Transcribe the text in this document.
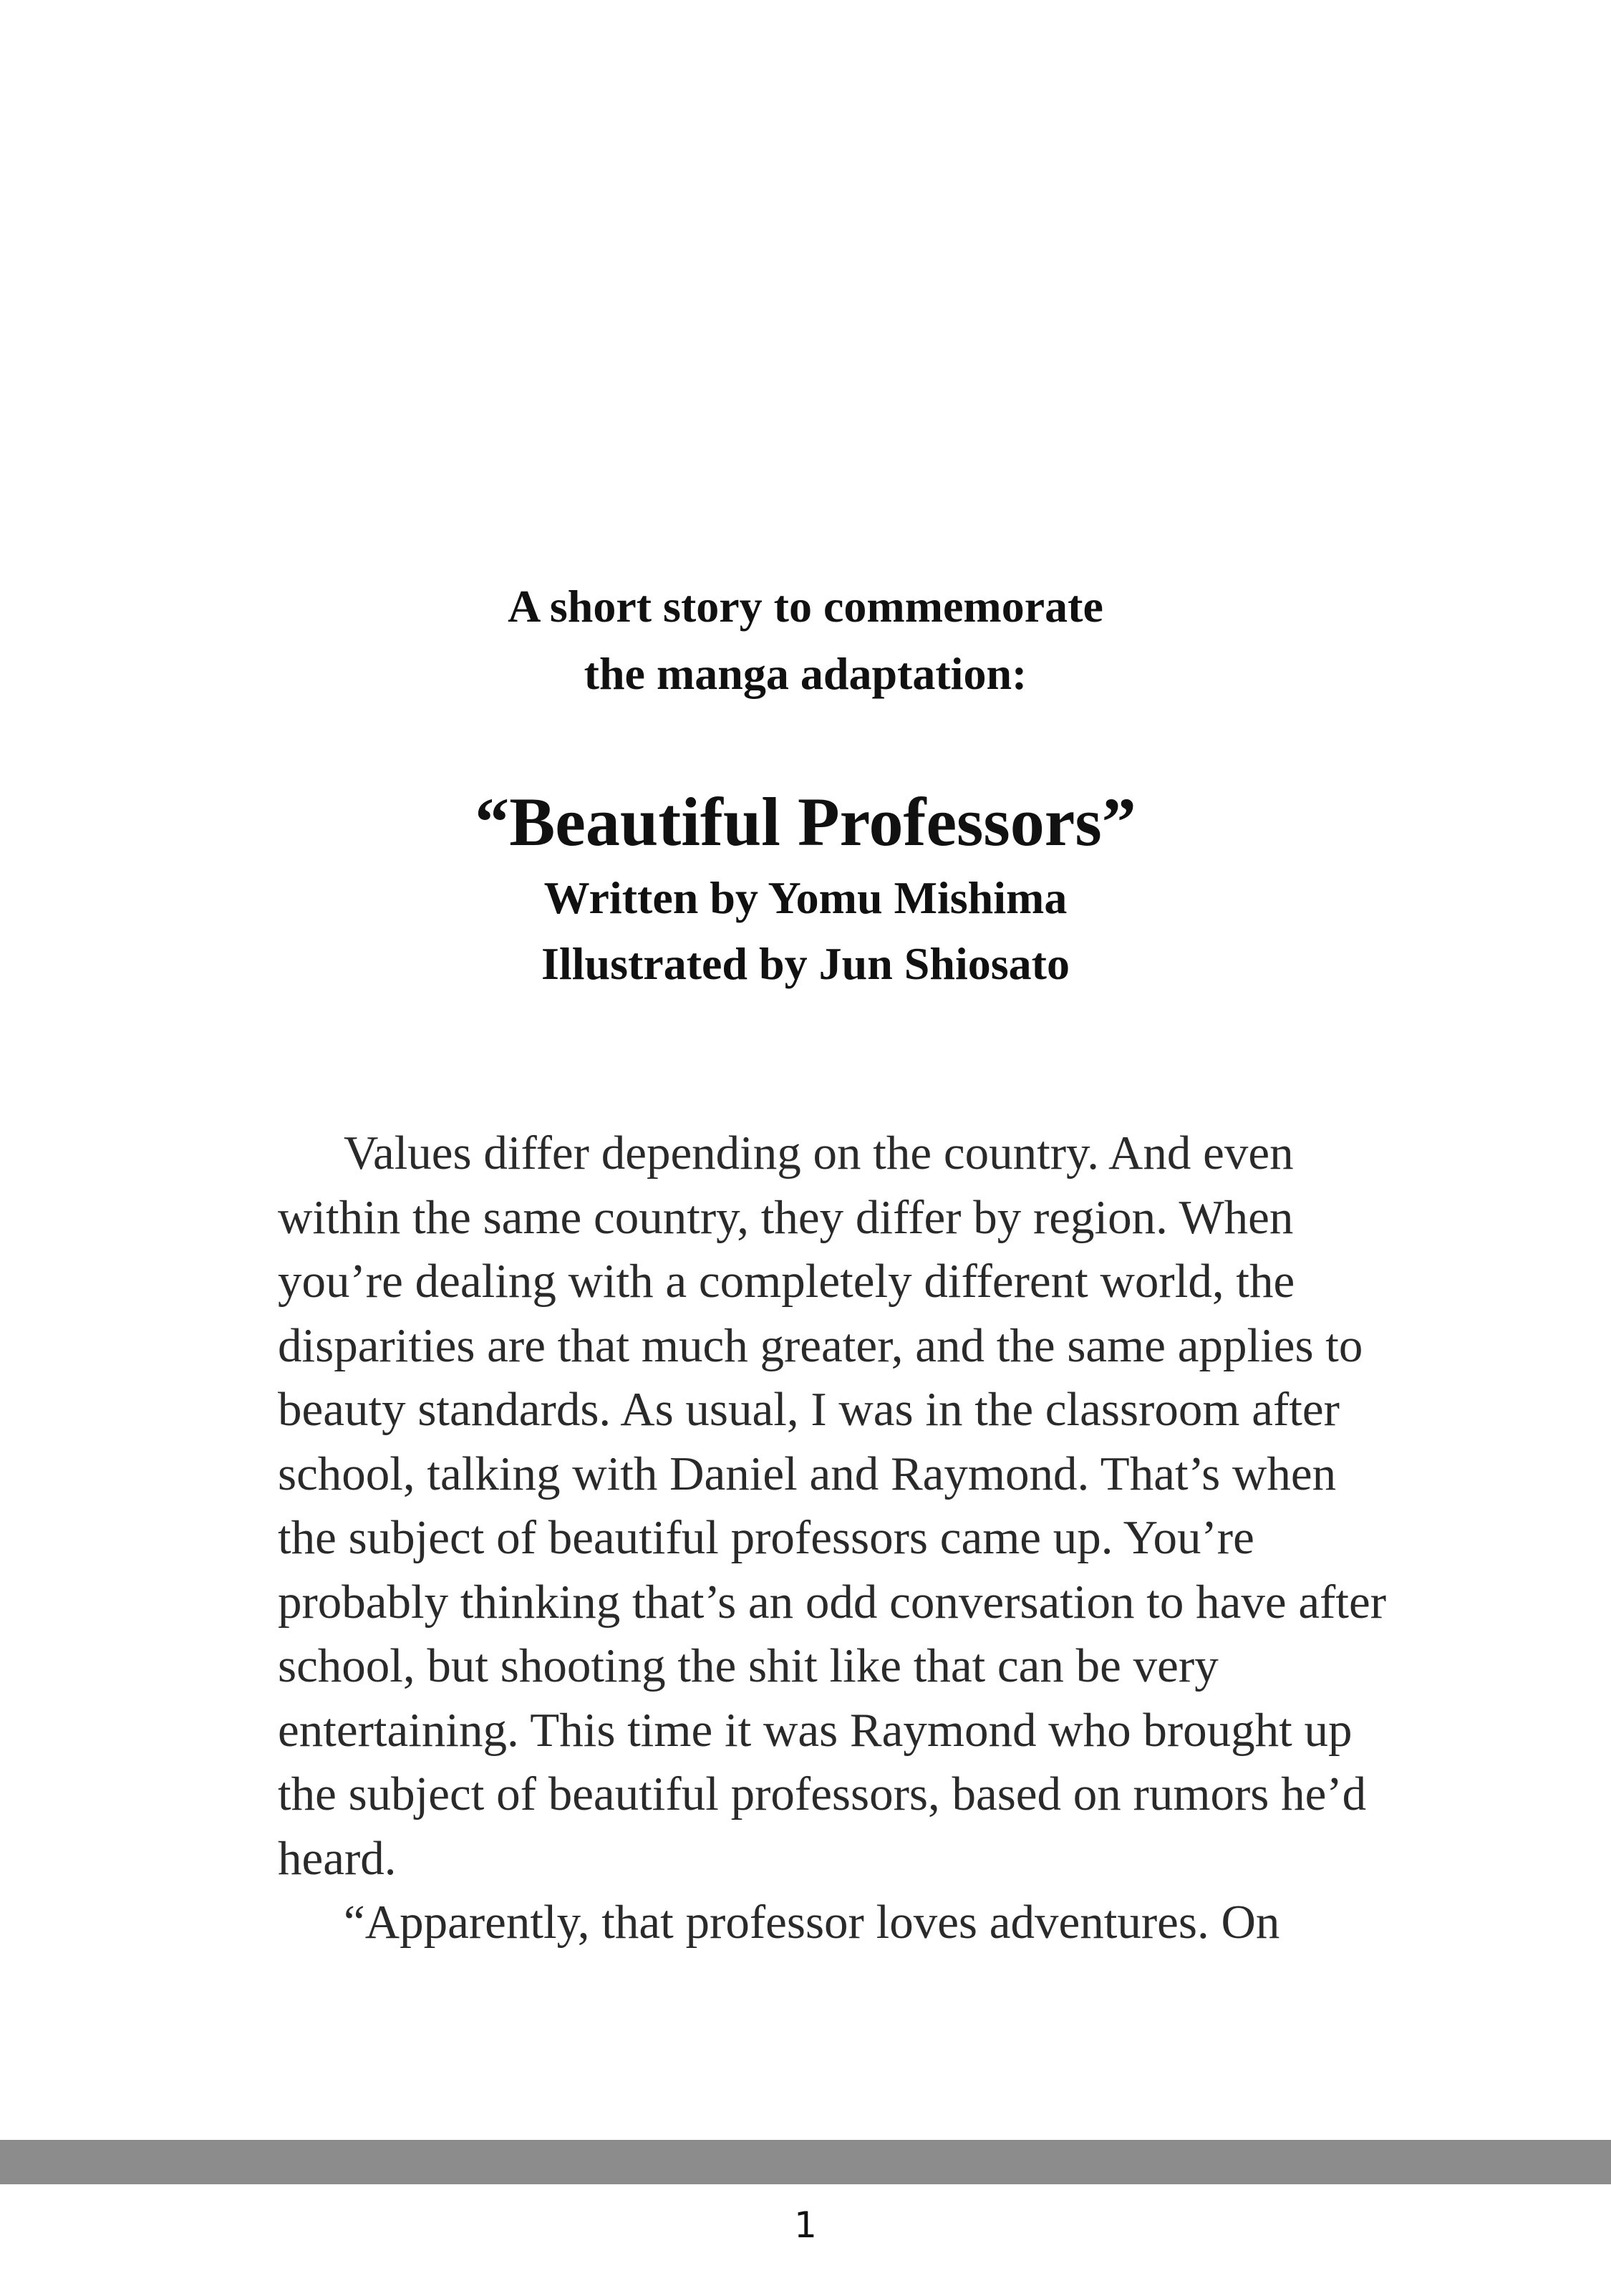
A short story to commemorate
the manga adaptation:
“Beautiful Professors”
Written by Yomu Mishima
Illustrated by Jun Shiosato

Values differ depending on the country. And even within the same country, they differ by region. When you’re dealing with a completely different world, the disparities are that much greater, and the same applies to beauty standards. As usual, I was in the classroom after school, talking with Daniel and Raymond. That’s when the subject of beautiful professors came up. You’re probably thinking that’s an odd conversation to have after school, but shooting the shit like that can be very entertaining. This time it was Raymond who brought up the subject of beautiful professors, based on rumors he’d heard.

“Apparently, that professor loves adventures. On

1
